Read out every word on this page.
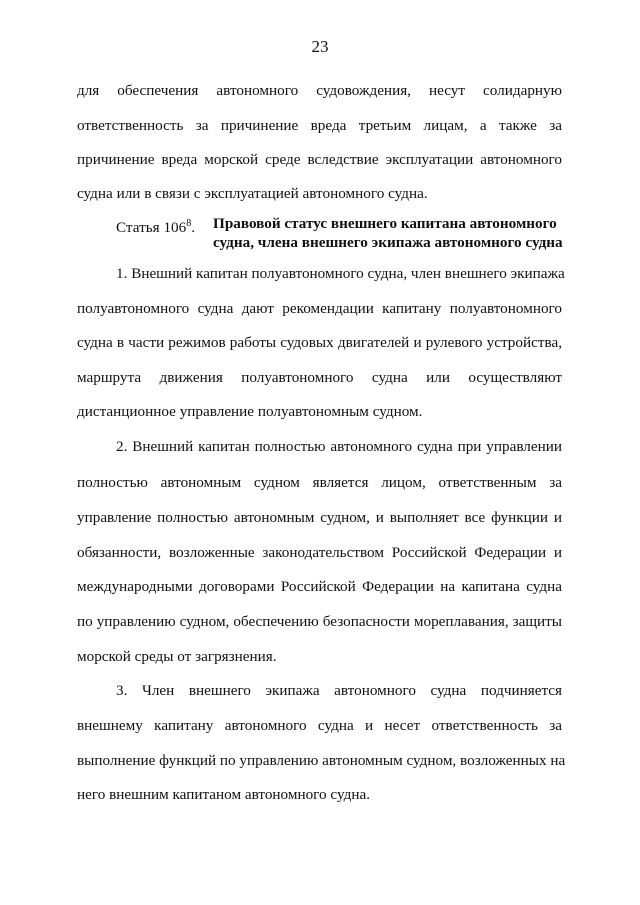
23
для обеспечения автономного судовождения, несут солидарную
ответственность за причинение вреда третьим лицам, а также за
причинение вреда морской среде вследствие эксплуатации автономного
судна или в связи с эксплуатацией автономного судна.
Статья $106^8$. Правовой статус внешнего капитана автономного
судна, члена внешнего экипажа автономного судна
1. Внешний капитан полуавтономного судна, член внешнего экипажа
полуавтономного судна дают рекомендации капитану полуавтономного
судна в части режимов работы судовых двигателей и рулевого устройства,
маршрута движения полуавтономного судна или осуществляют
дистанционное управление полуавтономным судном.
2. Внешний капитан полностью автономного судна при управлении
полностью автономным судном является лицом, ответственным за
управление полностью автономным судном, и выполняет все функции и
обязанности, возложенные законодательством Российской Федерации и
международными договорами Российской Федерации на капитана судна
по управлению судном, обеспечению безопасности мореплавания, защиты
морской среды от загрязнения.
3. Член внешнего экипажа автономного судна подчиняется
внешнему капитану автономного судна и несет ответственность за
выполнение функций по управлению автономным судном, возложенных на
него внешним капитаном автономного судна.
